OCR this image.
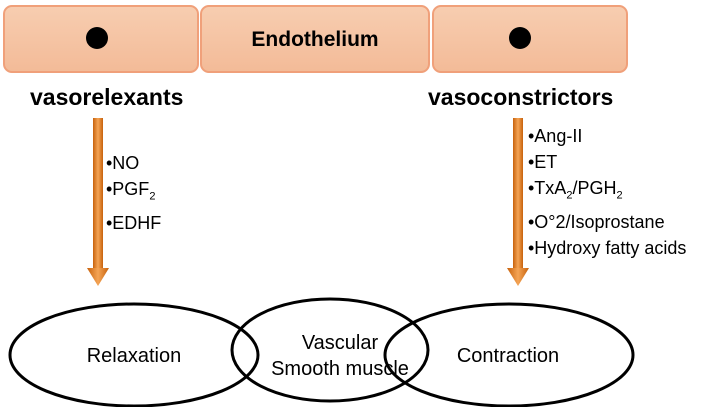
Endothelium
vasorelexants	vasoconstrictors
•NO
$•PGF_2$
•EDHF
•Ang-II
•ET
$•TxA_2/PGH_2$
•O°2/Isoprostane
•Hydroxy fatty acids
Relaxation	Contraction
Vascular
Smooth muscle
